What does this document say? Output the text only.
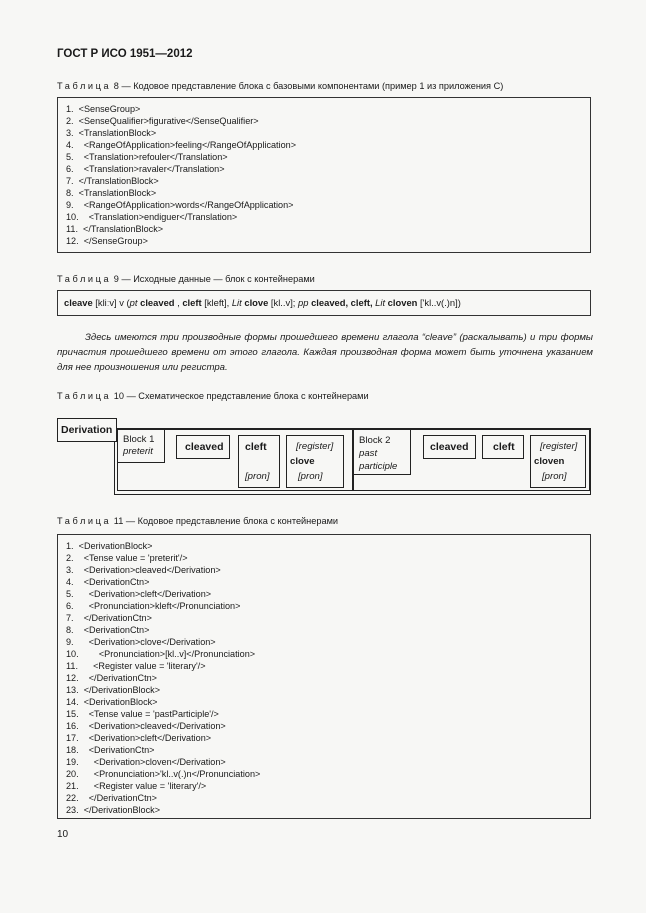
ГОСТ Р ИСО 1951—2012
Таблица 8 — Кодовое представление блока с базовыми компонентами (пример 1 из приложения С)
1.  <SenseGroup>
2.  <SenseQualifier>figurative</SenseQualifier>
3.  <TranslationBlock>
4.    <RangeOfApplication>feeling</RangeOfApplication>
5.    <Translation>refouler</Translation>
6.    <Translation>ravaler</Translation>
7.  </TranslationBlock>
8.  <TranslationBlock>
9.    <RangeOfApplication>words</RangeOfApplication>
10.    <Translation>endiguer</Translation>
11.  </TranslationBlock>
12.  </SenseGroup>
Таблица 9 — Исходные данные — блок с контейнерами
cleave [kliːv] v (pt cleaved , cleft [kleft], Lit clove [kl..v]; pp cleaved, cleft, Lit cloven ['kl..v(.)n])
Здесь имеются три производные формы прошедшего времени глагола “cleave” (раскалывать) и три формы причастия прошедшего времени от этого глагола. Каждая производная форма может быть уточнена указанием для нее произношения или регистра.
Таблица 10 — Схематическое представление блока с контейнерами
Derivation
Block 1
preterit	cleaved	cleft
[pron]
[register]
clove
[pron]
Block 2
past
participle
cleaved	cleft	[register]
cloven
[pron]
Таблица 11 — Кодовое представление блока с контейнерами
1.  <DerivationBlock>
2.    <Tense value = 'preterit'/>
3.    <Derivation>cleaved</Derivation>
4.    <DerivationCtn>
5.      <Derivation>cleft</Derivation>
6.      <Pronunciation>kleft</Pronunciation>
7.    </DerivationCtn>
8.    <DerivationCtn>
9.      <Derivation>clove</Derivation>
10.        <Pronunciation>[kl..v]</Pronunciation>
11.      <Register value = 'literary'/>
12.    </DerivationCtn>
13.  </DerivationBlock>
14.  <DerivationBlock>
15.    <Tense value = 'pastParticiple'/>
16.    <Derivation>cleaved</Derivation>
17.    <Derivation>cleft</Derivation>
18.    <DerivationCtn>
19.      <Derivation>cloven</Derivation>
20.      <Pronunciation>'kl..v(.)n</Pronunciation>
21.      <Register value = 'literary'/>
22.    </DerivationCtn>
23.  </DerivationBlock>
10
